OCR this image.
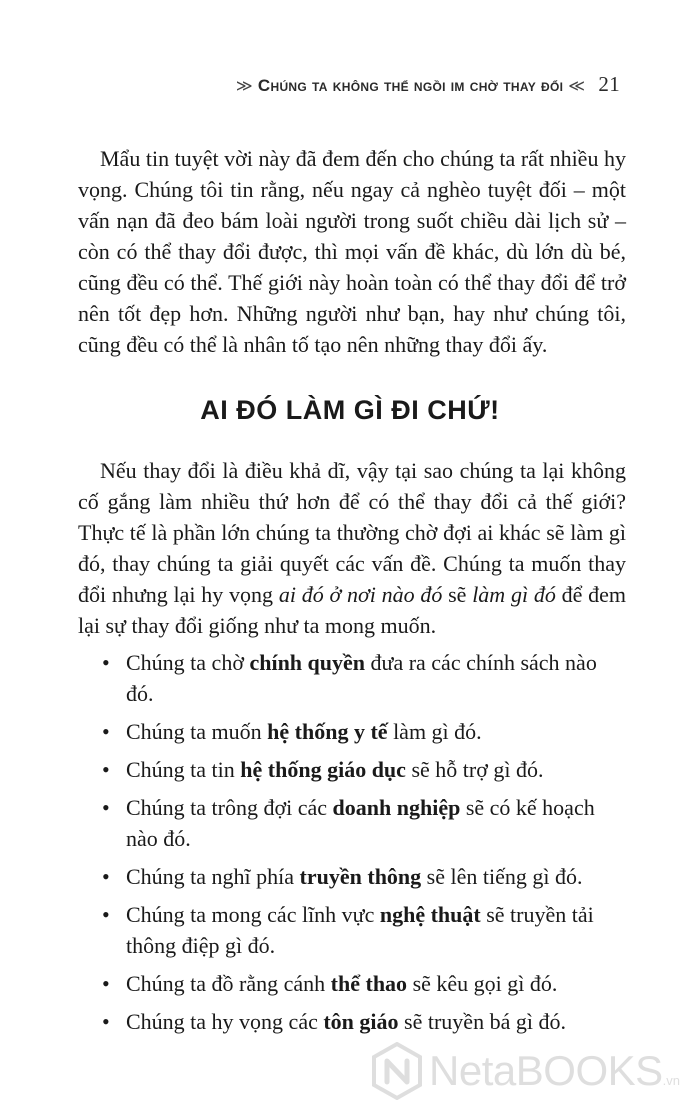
≫ Chúng ta không thể ngồi im chờ thay đổi ≪ 21

Mẩu tin tuyệt vời này đã đem đến cho chúng ta rất nhiều hy vọng. Chúng tôi tin rằng, nếu ngay cả nghèo tuyệt đối – một vấn nạn đã đeo bám loài người trong suốt chiều dài lịch sử – còn có thể thay đổi được, thì mọi vấn đề khác, dù lớn dù bé, cũng đều có thể. Thế giới này hoàn toàn có thể thay đổi để trở nên tốt đẹp hơn. Những người như bạn, hay như chúng tôi, cũng đều có thể là nhân tố tạo nên những thay đổi ấy.

AI ĐÓ LÀM GÌ ĐI CHỨ!

Nếu thay đổi là điều khả dĩ, vậy tại sao chúng ta lại không cố gắng làm nhiều thứ hơn để có thể thay đổi cả thế giới? Thực tế là phần lớn chúng ta thường chờ đợi ai khác sẽ làm gì đó, thay chúng ta giải quyết các vấn đề. Chúng ta muốn thay đổi nhưng lại hy vọng ai đó ở nơi nào đó sẽ làm gì đó để đem lại sự thay đổi giống như ta mong muốn.

• Chúng ta chờ chính quyền đưa ra các chính sách nào đó.
• Chúng ta muốn hệ thống y tế làm gì đó.
• Chúng ta tin hệ thống giáo dục sẽ hỗ trợ gì đó.
• Chúng ta trông đợi các doanh nghiệp sẽ có kế hoạch nào đó.
• Chúng ta nghĩ phía truyền thông sẽ lên tiếng gì đó.
• Chúng ta mong các lĩnh vực nghệ thuật sẽ truyền tải thông điệp gì đó.
• Chúng ta đồ rằng cánh thể thao sẽ kêu gọi gì đó.
• Chúng ta hy vọng các tôn giáo sẽ truyền bá gì đó.
NetaBOOKS.vn
